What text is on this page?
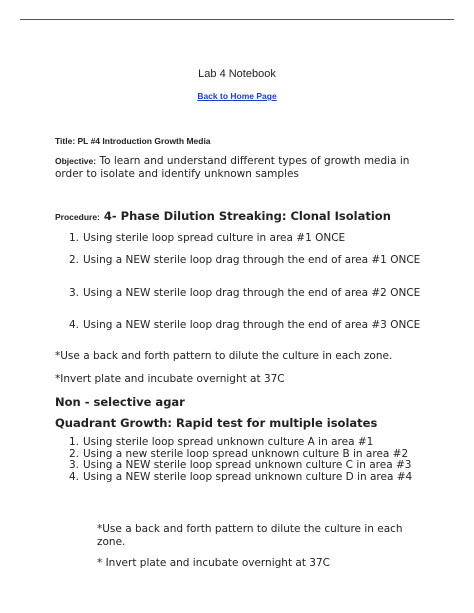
Lab 4 Notebook
Back to Home Page
Title: PL #4 Introduction Growth Media
Objective: To learn and understand different types of growth media in order to isolate and identify unknown samples
Procedure: 4- Phase Dilution Streaking: Clonal Isolation
1. Using sterile loop spread culture in area #1 ONCE
2. Using a NEW sterile loop drag through the end of area #1 ONCE
3. Using a NEW sterile loop drag through the end of area #2 ONCE
4. Using a NEW sterile loop drag through the end of area #3 ONCE
*Use a back and forth pattern to dilute the culture in each zone.
*Invert plate and incubate overnight at 37C
Non - selective agar
Quadrant Growth: Rapid test for multiple isolates
1. Using sterile loop spread unknown culture A in area #1
2. Using a new sterile loop spread unknown culture B in area #2
3. Using a NEW sterile loop spread unknown culture C in area #3
4. Using a NEW sterile loop spread unknown culture D in area #4
*Use a back and forth pattern to dilute the culture in each zone.
* Invert plate and incubate overnight at 37C
